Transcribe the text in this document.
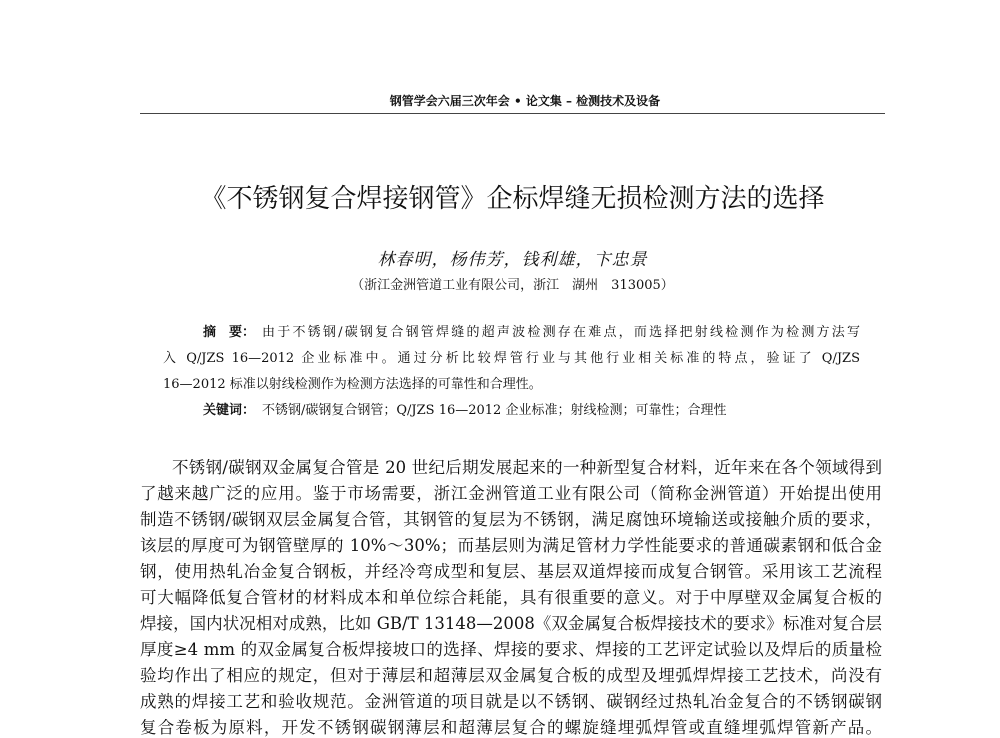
钢管学会六届三次年会 • 论文集 – 检测技术及设备
《不锈钢复合焊接钢管》企标焊缝无损检测方法的选择
林春明，杨伟芳，钱利雄，卞忠景
（浙江金洲管道工业有限公司，浙江　湖州　313005）
摘　要： 由于不锈钢/碳钢复合钢管焊缝的超声波检测存在难点，而选择把射线检测作为检测方法写
入 Q/JZS 16—2012 企业标准中。通过分析比较焊管行业与其他行业相关标准的特点，验证了 Q/JZS
16—2012 标准以射线检测作为检测方法选择的可靠性和合理性。
关键词： 不锈钢/碳钢复合钢管；Q/JZS 16—2012 企业标准；射线检测；可靠性；合理性
不锈钢/碳钢双金属复合管是 20 世纪后期发展起来的一种新型复合材料，近年来在各个领域得到
了越来越广泛的应用。鉴于市场需要，浙江金洲管道工业有限公司（简称金洲管道）开始提出使用
制造不锈钢/碳钢双层金属复合管，其钢管的复层为不锈钢，满足腐蚀环境输送或接触介质的要求，
该层的厚度可为钢管壁厚的 10%～30%；而基层则为满足管材力学性能要求的普通碳素钢和低合金
钢，使用热轧冶金复合钢板，并经冷弯成型和复层、基层双道焊接而成复合钢管。采用该工艺流程
可大幅降低复合管材的材料成本和单位综合耗能，具有很重要的意义。对于中厚壁双金属复合板的
焊接，国内状况相对成熟，比如 GB/T 13148—2008《双金属复合板焊接技术的要求》标准对复合层
厚度≥4 mm 的双金属复合板焊接坡口的选择、焊接的要求、焊接的工艺评定试验以及焊后的质量检
验均作出了相应的规定，但对于薄层和超薄层双金属复合板的成型及埋弧焊焊接工艺技术，尚没有
成熟的焊接工艺和验收规范。金洲管道的项目就是以不锈钢、碳钢经过热轧冶金复合的不锈钢碳钢
复合卷板为原料，开发不锈钢碳钢薄层和超薄层复合的螺旋缝埋弧焊管或直缝埋弧焊管新产品。
